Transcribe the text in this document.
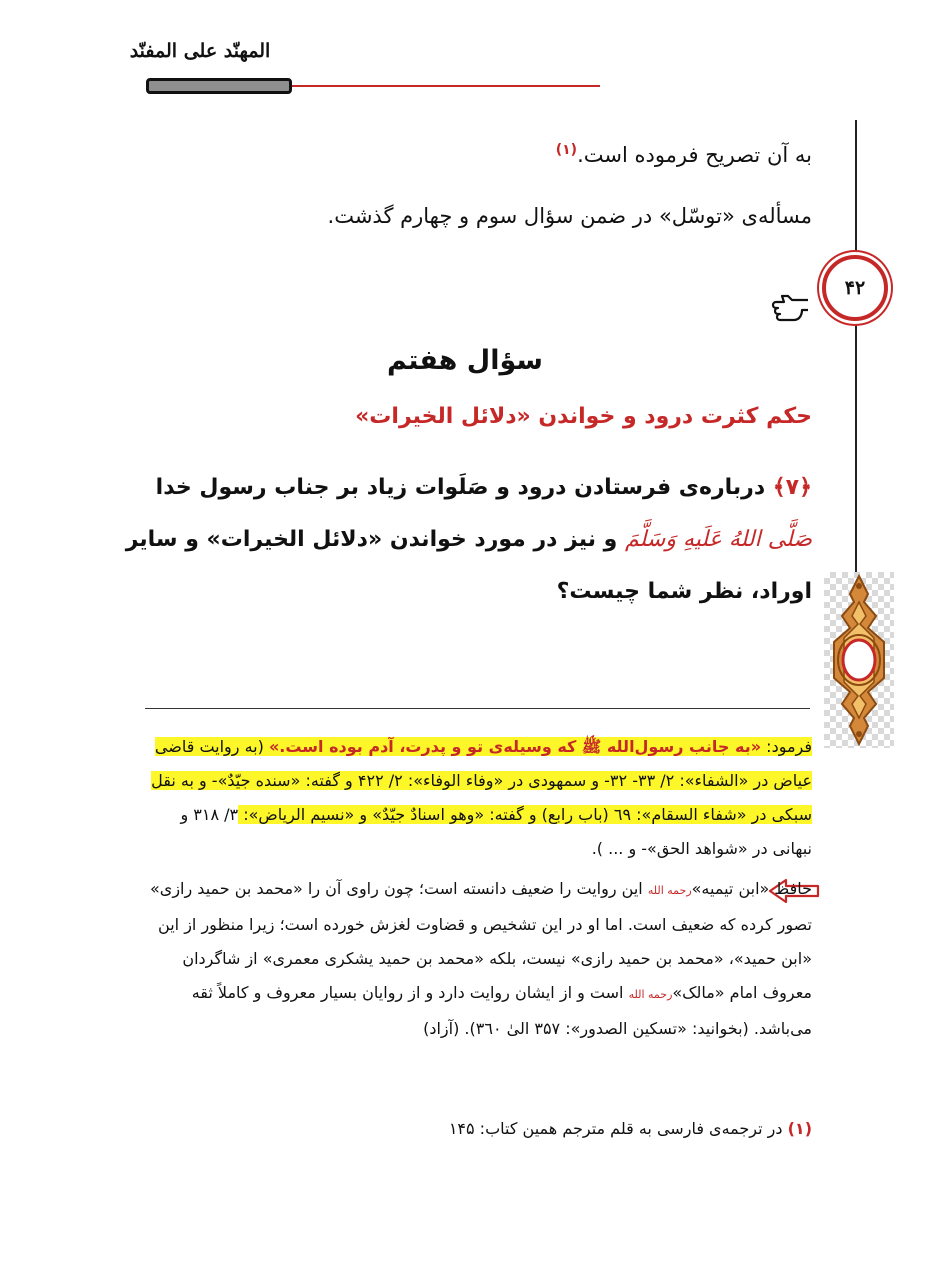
المهنّد على المفنّد
۴۲
به آن تصریح فرموده است.$^{(۱)}$
مسأله‌ی «توسّل» در ضمن سؤال سوم و چهارم گذشت.
سؤال هفتم
حکم کثرت درود و خواندن «دلائل الخیرات»
﴿۷﴾ درباره‌ی فرستادن درود و صَلَوات زیاد بر جناب رسول خدا صَلَّى اللهُ عَلَيهِ وَسَلَّمَ و نیز در مورد خواندن «دلائل الخیرات» و سایر اوراد، نظر شما چیست؟
فرمود: «به جانب رسول‌الله ﷺ که وسیله‌ی تو و پدرت، آدم بوده است.» (به روایت قاضی عیاض در «الشفاء»: ۲/ ۳۳- ۳۲- و سمهودی در «وفاء الوفاء»: ۲/ ۴۲۲ و گفته: «سنده جيّدٌ»- و به نقل سبکی در «شفاء السقام»: ٦٩ (باب رابع) و گفته: «وهو اسنادٌ جيّدٌ» و «نسيم الرياض»: ۳/ ۳۱۸ و نبهانی در «شواهد الحق»- و ... ).
حافظ «ابن تیمیه»رحمه الله این روایت را ضعیف دانسته است؛ چون راوی آن را «محمد بن حمید رازی» تصور کرده که ضعیف است. اما او در این تشخیص و قضاوت لغزش خورده است؛ زیرا منظور از این «ابن حمید»، «محمد بن حمید رازی» نیست، بلکه «محمد بن حمید یشکری معمری» از شاگردان معروف امام «مالک»رحمه الله است و از ایشان روایت دارد و از روایان بسیار معروف و کاملاً ثقه می‌باشد. (بخوانید: «تسکین الصدور»: ۳۵۷ الیٰ ۳٦۰). (آزاد)
(۱) در ترجمه‌ی فارسی به قلم مترجم همین کتاب: ۱۴۵
